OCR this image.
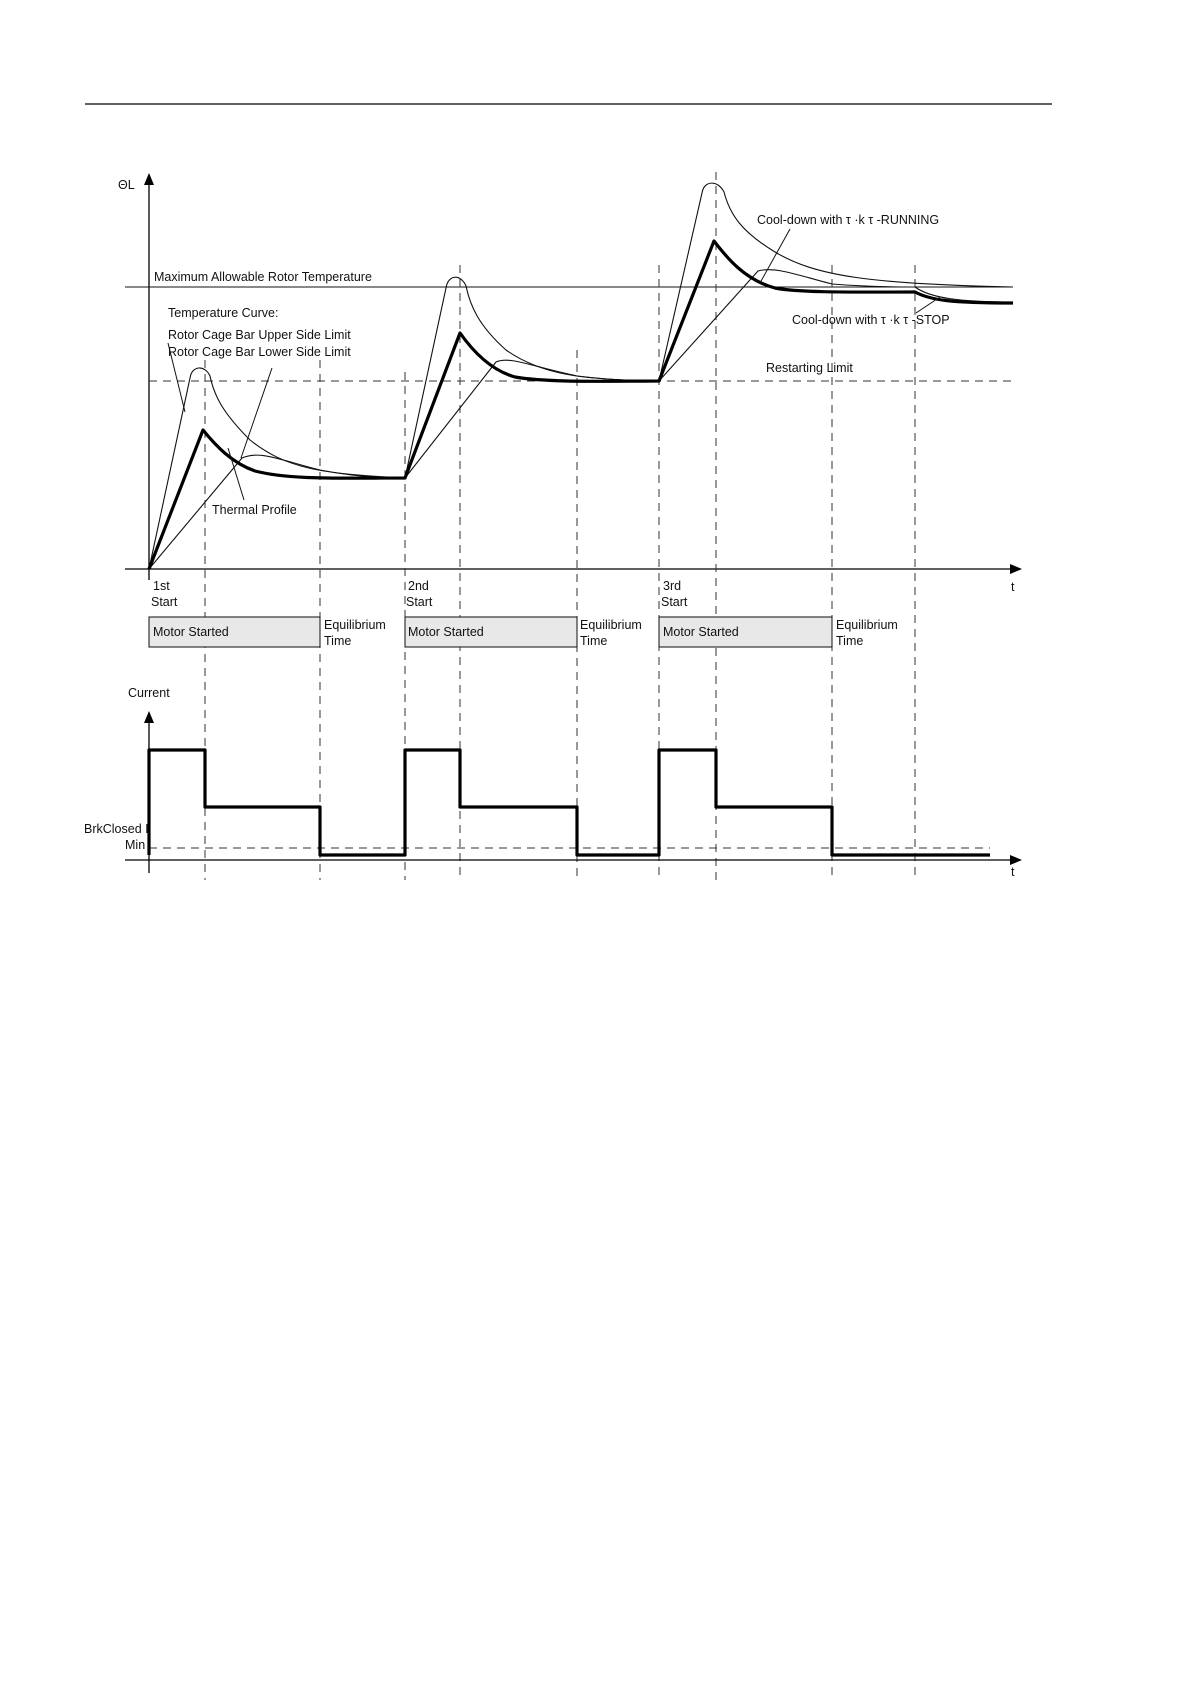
ΘL
t
Maximum Allowable Rotor Temperature
Restarting Limit
Temperature Curve:
Rotor Cage Bar Upper Side Limit
Rotor Cage Bar Lower Side Limit
Thermal Profile
Cool-down with τ ·k τ -RUNNING
Cool-down with τ ·k τ -STOP
1st
Start
2nd
Start
3rd
Start
Motor Started	Motor Started	Motor Started
Equilibrium
Time
Equilibrium
Time
Equilibrium
Time
Current
t
BrkClosed I
Min
